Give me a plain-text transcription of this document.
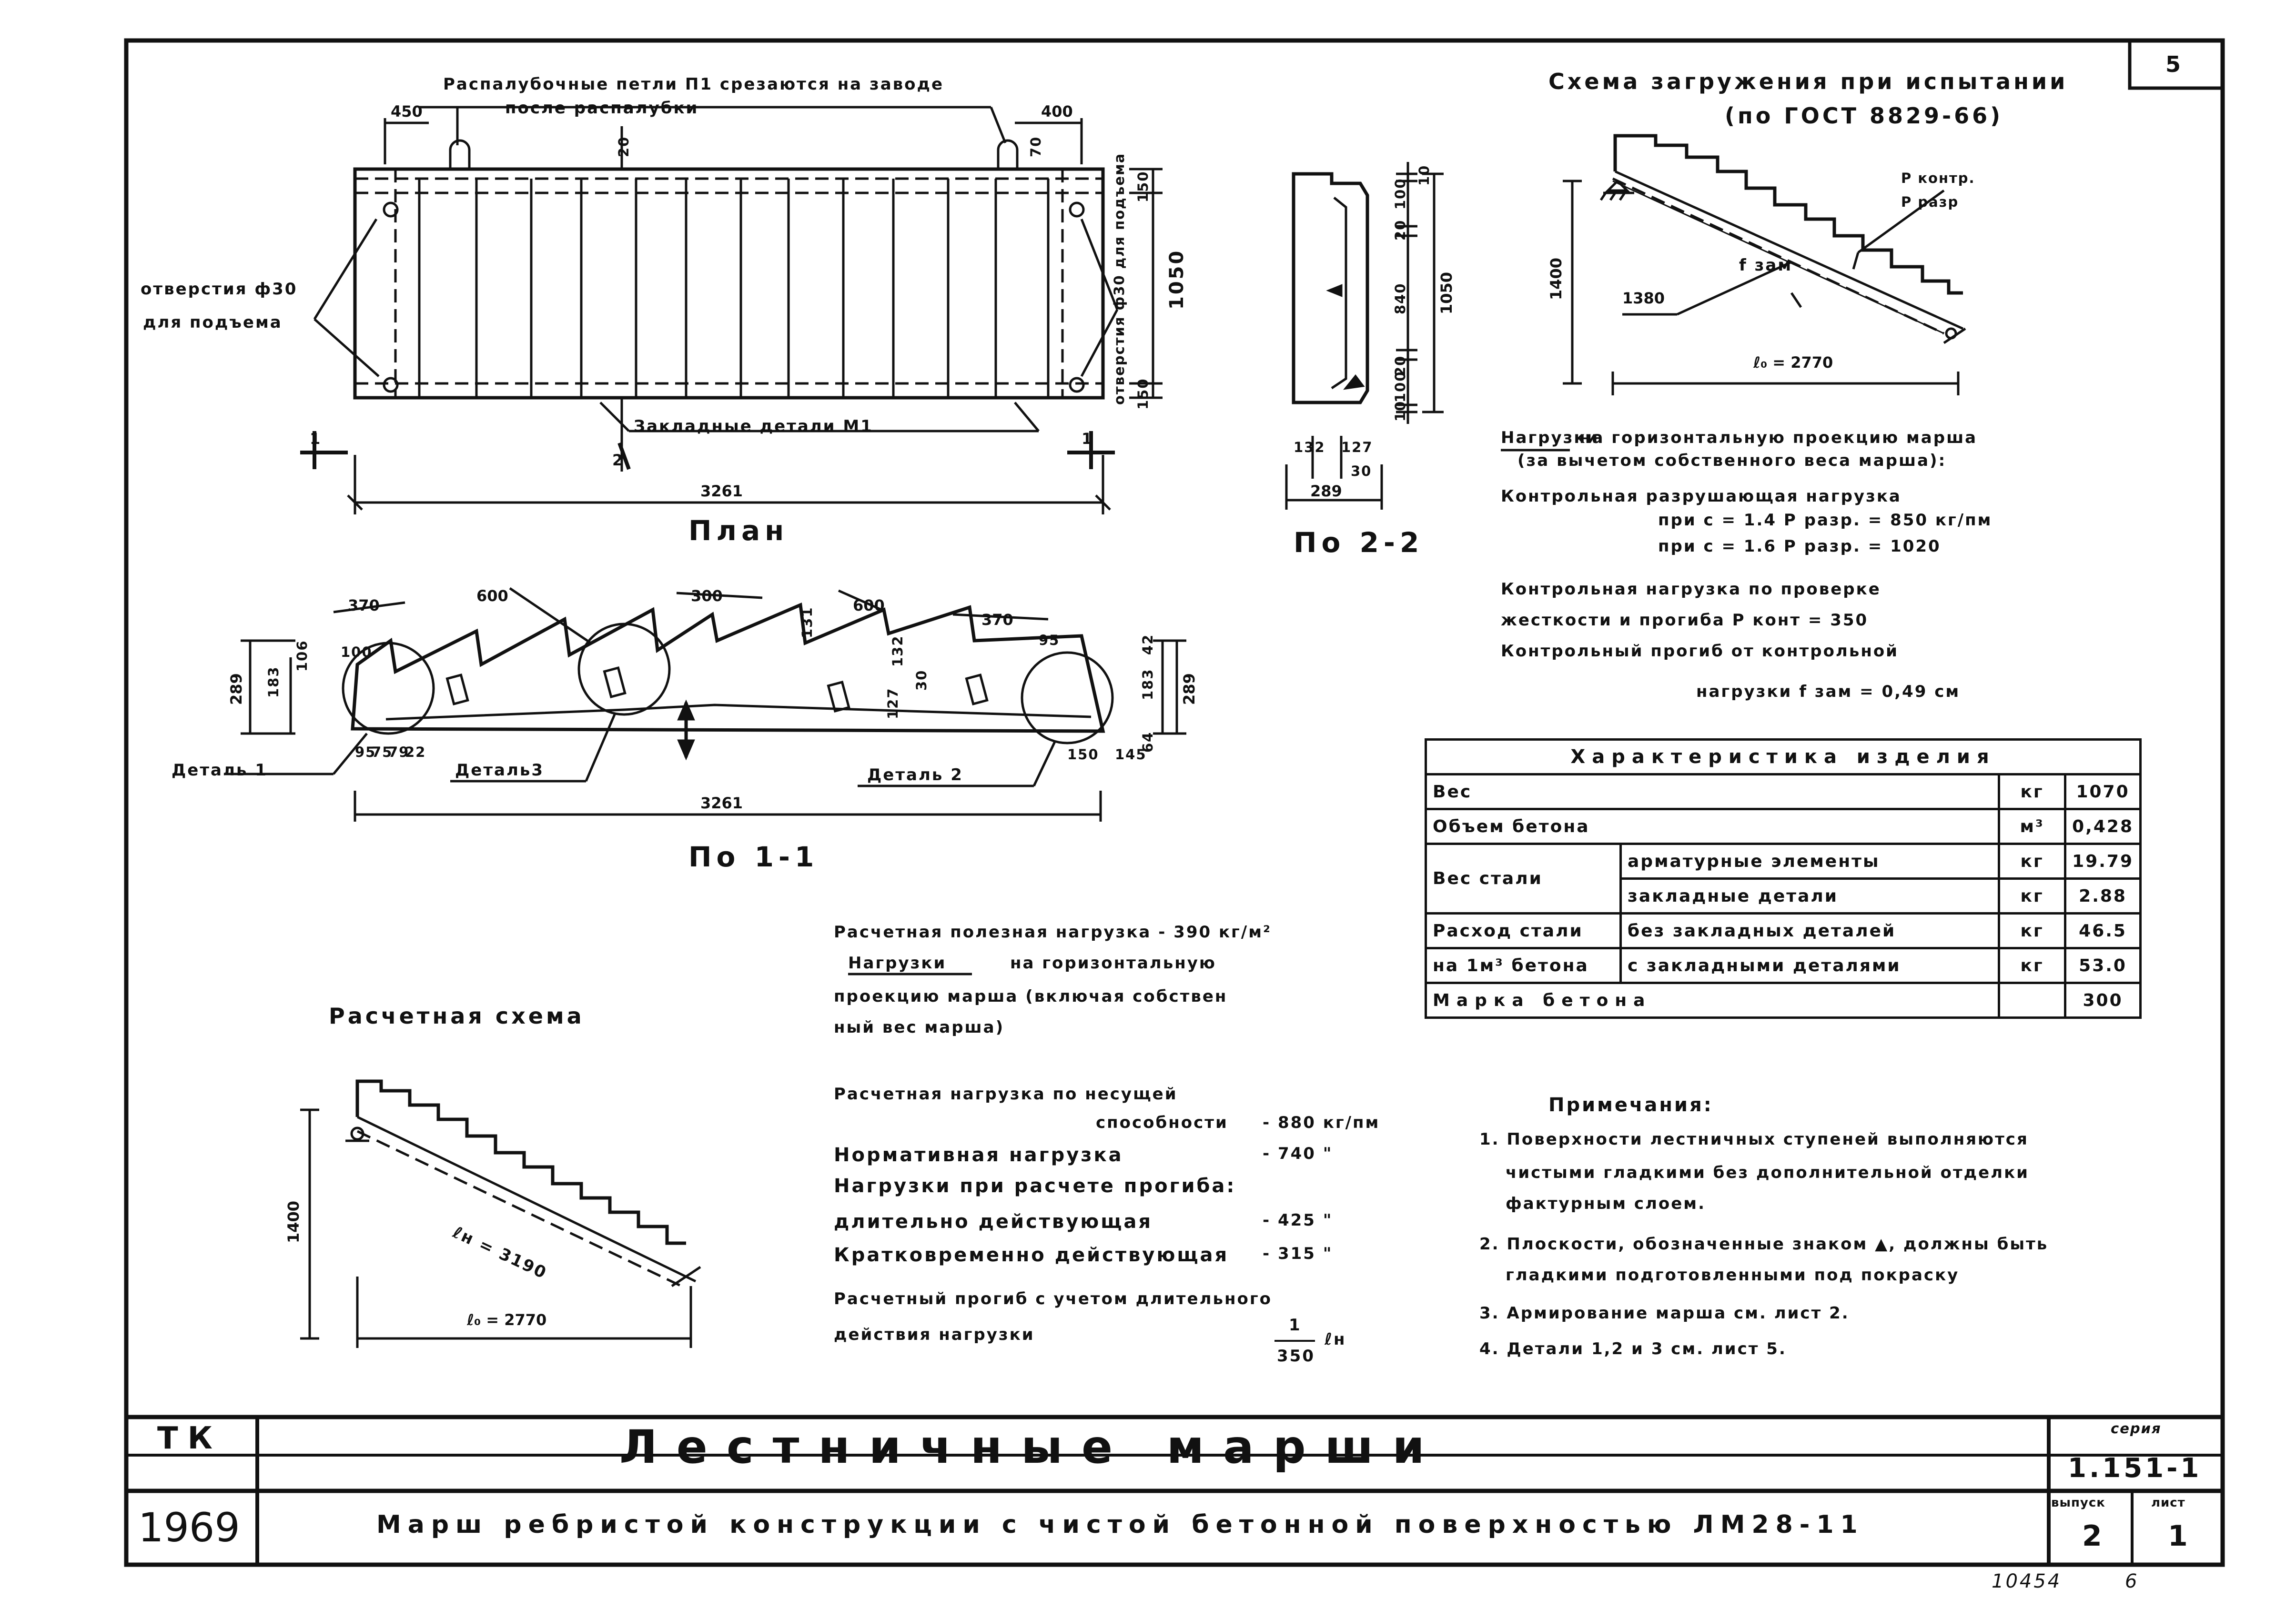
5
Распалубочные петли П1 срезаются на заводе
после распалубки
450	400
20	70
отверстия ф30
для подъема	отверстия ф30 для подъема 150
150
1050
Закладные детали М1
1	1
2
3261
План
10
100
20
840
20
100
10
1050
132 127
30
289
По 2-2
370
600	300
600
370
100
131
132	95
127
30
289 183
106
183
42
289
64
145
150
95
75
79
22
Деталь 1	Деталь3	Деталь 2
3261
По 1-1
Схема загружения при испытании
(по ГОСТ 8829-66)
P контр.
P разр
f зам
1380
1400
ℓ₀ = 2770
Нагрузки
на горизонтальную проекцию марша
(за вычетом собственного веса марша):
Контрольная разрушающая нагрузка
при c = 1.4 P разр. = 850 кг/пм
при c = 1.6 P разр. = 1020
Контрольная нагрузка по проверке
жесткости и прогиба P конт = 350
Контрольный прогиб от контрольной
нагрузки f зам = 0,49 см
Характеристика изделия			
Вес		кг	1070
Объем бетона		м³	0,428
Вес стали	арматурные элементы	кг	19.79
	закладные детали	кг	2.88
Расход стали	без закладных деталей	кг	46.5
на 1м³ бетона	с закладными деталями	кг	53.0
Марка бетона			300
Расчетная полезная нагрузка - 390 кг/м²
Нагрузки	на горизонтальную
проекцию марша (включая собствен
ный вес марша)
Расчетная схема
1400
ℓн = 3190
ℓ₀ = 2770
Расчетная нагрузка по несущей
способности - 880 кг/пм
Нормативная нагрузка	- 740 "
Нагрузки при расчете прогиба:
длительно действующая	- 425 "
Кратковременно действующая - 315 "
Расчетный прогиб с учетом длительного
действия нагрузки	1
350
ℓн
Примечания:
1. Поверхности лестничных ступеней выполняются
чистыми гладкими без дополнительной отделки
фактурным слоем.
2. Плоскости, обозначенные знаком ▲, должны быть
гладкими подготовленными под покраску
3. Армирование марша см. лист 2.
4. Детали 1,2 и 3 см. лист 5.
ТК
1969
Лестничные марши
Марш ребристой конструкции с чистой бетонной поверхностью ЛМ28-11
серия
1.151-1
выпуск
2
лист
1
10454	6
